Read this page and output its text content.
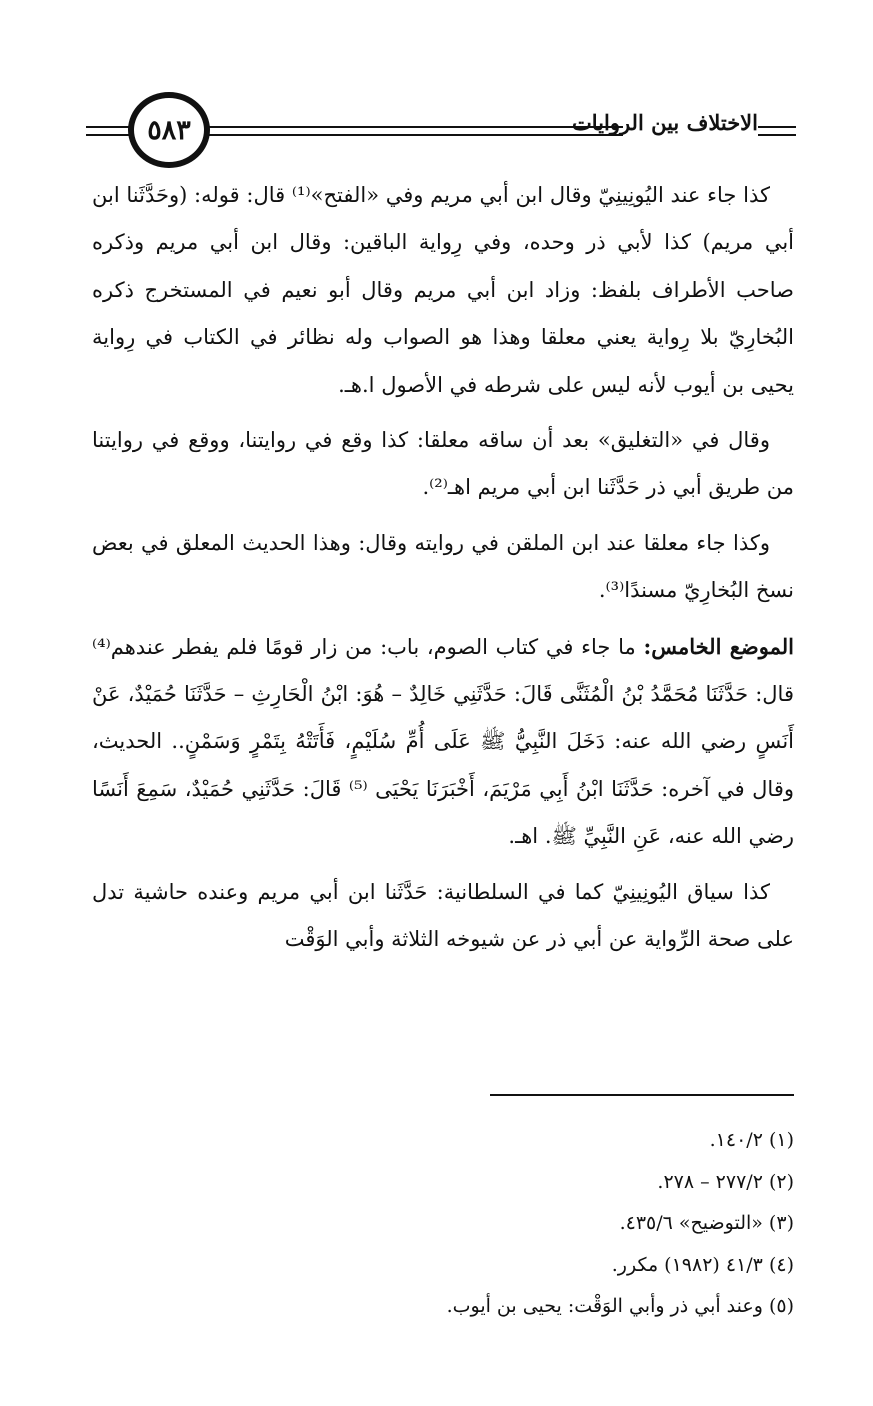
٥٨٣	الاختلاف بين الروايات

كذا جاء عند اليُونِينِيّ وقال ابن أبي مريم وفي «الفتح»⁽¹⁾ قال: قوله: (وحَدَّثَنا ابن أبي مريم) كذا لأبي ذر وحده، وفي رِواية الباقين: وقال ابن أبي مريم وذكره صاحب الأطراف بلفظ: وزاد ابن أبي مريم وقال أبو نعيم في المستخرج ذكره البُخارِيّ بلا رِواية يعني معلقا وهذا هو الصواب وله نظائر في الكتاب في رِواية يحيى بن أيوب لأنه ليس على شرطه في الأصول ا.هـ.

وقال في «التغليق» بعد أن ساقه معلقا: كذا وقع في روايتنا، ووقع في روايتنا من طريق أبي ذر حَدَّثَنا ابن أبي مريم اهـ⁽²⁾.

وكذا جاء معلقا عند ابن الملقن في روايته وقال: وهذا الحديث المعلق في بعض نسخ البُخارِيّ مسندًا⁽³⁾.

الموضع الخامس: ما جاء في كتاب الصوم، باب: من زار قومًا فلم يفطر عندهم⁽⁴⁾ قال: حَدَّثَنَا مُحَمَّدُ بْنُ الْمُثَنَّى قَالَ: حَدَّثَنِي خَالِدٌ – هُوَ: ابْنُ الْحَارِثِ – حَدَّثَنَا حُمَيْدٌ، عَنْ أَنَسٍ رضي الله عنه: دَخَلَ النَّبِيُّ ﷺ عَلَى أُمِّ سُلَيْمٍ، فَأَتَتْهُ بِتَمْرٍ وَسَمْنٍ.. الحديث، وقال في آخره: حَدَّثَنَا ابْنُ أَبِي مَرْيَمَ، أَخْبَرَنَا يَحْيَى ⁽⁵⁾ قَالَ: حَدَّثَنِي حُمَيْدٌ، سَمِعَ أَنَسًا رضي الله عنه، عَنِ النَّبِيِّ ﷺ. اهـ.

كذا سياق اليُونِينِيّ كما في السلطانية: حَدَّثَنا ابن أبي مريم وعنده حاشية تدل على صحة الرِّواية عن أبي ذر عن شيوخه الثلاثة وأبي الوَقْت

(١) ١٤٠/٢.
(٢) ٢٧٧/٢ – ٢٧٨.
(٣) «التوضيح» ٤٣٥/٦.
(٤) ٤١/٣ (١٩٨٢) مكرر.
(٥) وعند أبي ذر وأبي الوَقْت: يحيى بن أيوب.
